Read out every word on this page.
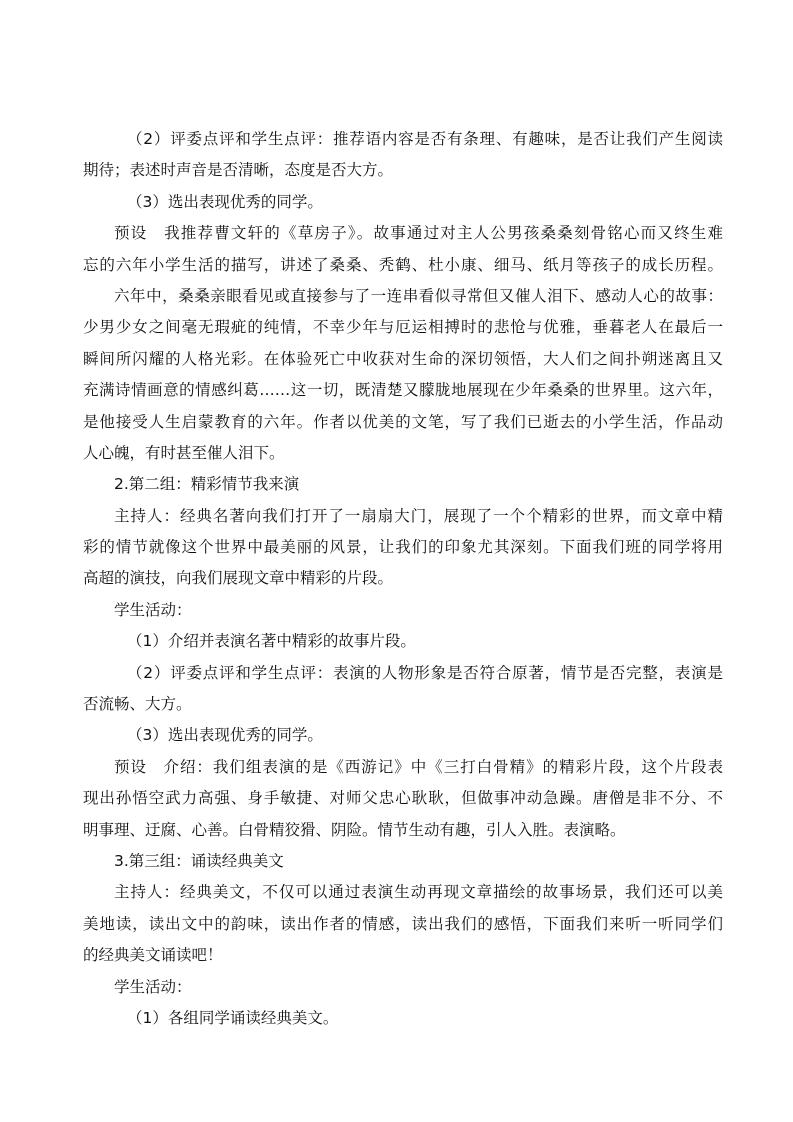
（2）评委点评和学生点评：推荐语内容是否有条理、有趣味，是否让我们产生阅读
期待；表述时声音是否清晰，态度是否大方。
（3）选出表现优秀的同学。
预设　我推荐曹文轩的《草房子》。故事通过对主人公男孩桑桑刻骨铭心而又终生难
忘的六年小学生活的描写，讲述了桑桑、秃鹤、杜小康、细马、纸月等孩子的成长历程。
六年中，桑桑亲眼看见或直接参与了一连串看似寻常但又催人泪下、感动人心的故事：
少男少女之间毫无瑕疵的纯情，不幸少年与厄运相搏时的悲怆与优雅，垂暮老人在最后一
瞬间所闪耀的人格光彩。在体验死亡中收获对生命的深切领悟，大人们之间扑朔迷离且又
充满诗情画意的情感纠葛……这一切，既清楚又朦胧地展现在少年桑桑的世界里。这六年，
是他接受人生启蒙教育的六年。作者以优美的文笔，写了我们已逝去的小学生活，作品动
人心魄，有时甚至催人泪下。
2.第二组：精彩情节我来演
主持人：经典名著向我们打开了一扇扇大门，展现了一个个精彩的世界，而文章中精
彩的情节就像这个世界中最美丽的风景，让我们的印象尤其深刻。下面我们班的同学将用
高超的演技，向我们展现文章中精彩的片段。
学生活动：
（1）介绍并表演名著中精彩的故事片段。
（2）评委点评和学生点评：表演的人物形象是否符合原著，情节是否完整，表演是
否流畅、大方。
（3）选出表现优秀的同学。
预设　介绍：我们组表演的是《西游记》中《三打白骨精》的精彩片段，这个片段表
现出孙悟空武力高强、身手敏捷、对师父忠心耿耿，但做事冲动急躁。唐僧是非不分、不
明事理、迂腐、心善。白骨精狡猾、阴险。情节生动有趣，引人入胜。表演略。
3.第三组：诵读经典美文
主持人：经典美文，不仅可以通过表演生动再现文章描绘的故事场景，我们还可以美
美地读，读出文中的韵味，读出作者的情感，读出我们的感悟，下面我们来听一听同学们
的经典美文诵读吧！
学生活动：
（1）各组同学诵读经典美文。
